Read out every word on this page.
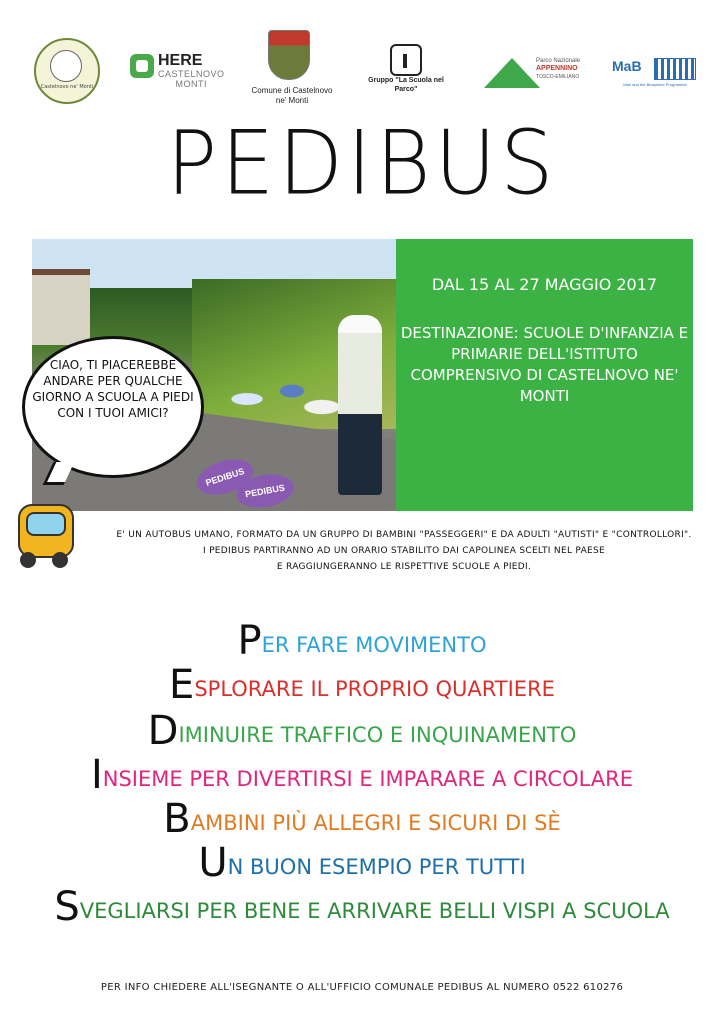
Castelnovo ne' Monti
HERE
CASTELNOVO MONTI
Comune di Castelnovo ne' Monti
Gruppo "La Scuola nel Parco"
Parco Nazionale
APPENNINO
TOSCO-EMILIANO
MaB
Man and the Biosphere Programme
PEDIBUS
PEDIBUS
PEDIBUS
CIAO, TI PIACEREBBE ANDARE PER QUALCHE GIORNO A SCUOLA A PIEDI CON I TUOI AMICI?
DAL 15 AL 27 MAGGIO 2017
DESTINAZIONE: SCUOLE D'INFANZIA E PRIMARIE DELL'ISTITUTO COMPRENSIVO DI CASTELNOVO NE' MONTI
E' UN AUTOBUS UMANO, FORMATO DA UN GRUPPO DI BAMBINI "PASSEGGERI" E DA ADULTI "AUTISTI" E "CONTROLLORI".
I PEDIBUS PARTIRANNO AD UN ORARIO STABILITO DAI CAPOLINEA SCELTI NEL PAESE
E RAGGIUNGERANNO LE RISPETTIVE SCUOLE A PIEDI.
PER FARE MOVIMENTO
ESPLORARE IL PROPRIO QUARTIERE
DIMINUIRE TRAFFICO E INQUINAMENTO
INSIEME PER DIVERTIRSI E IMPARARE A CIRCOLARE
BAMBINI PIÙ ALLEGRI E SICURI DI SÈ
UN BUON ESEMPIO PER TUTTI
SVEGLIARSI PER BENE E ARRIVARE BELLI VISPI A SCUOLA
PER INFO CHIEDERE ALL'ISEGNANTE O ALL'UFFICIO COMUNALE PEDIBUS AL NUMERO 0522 610276
